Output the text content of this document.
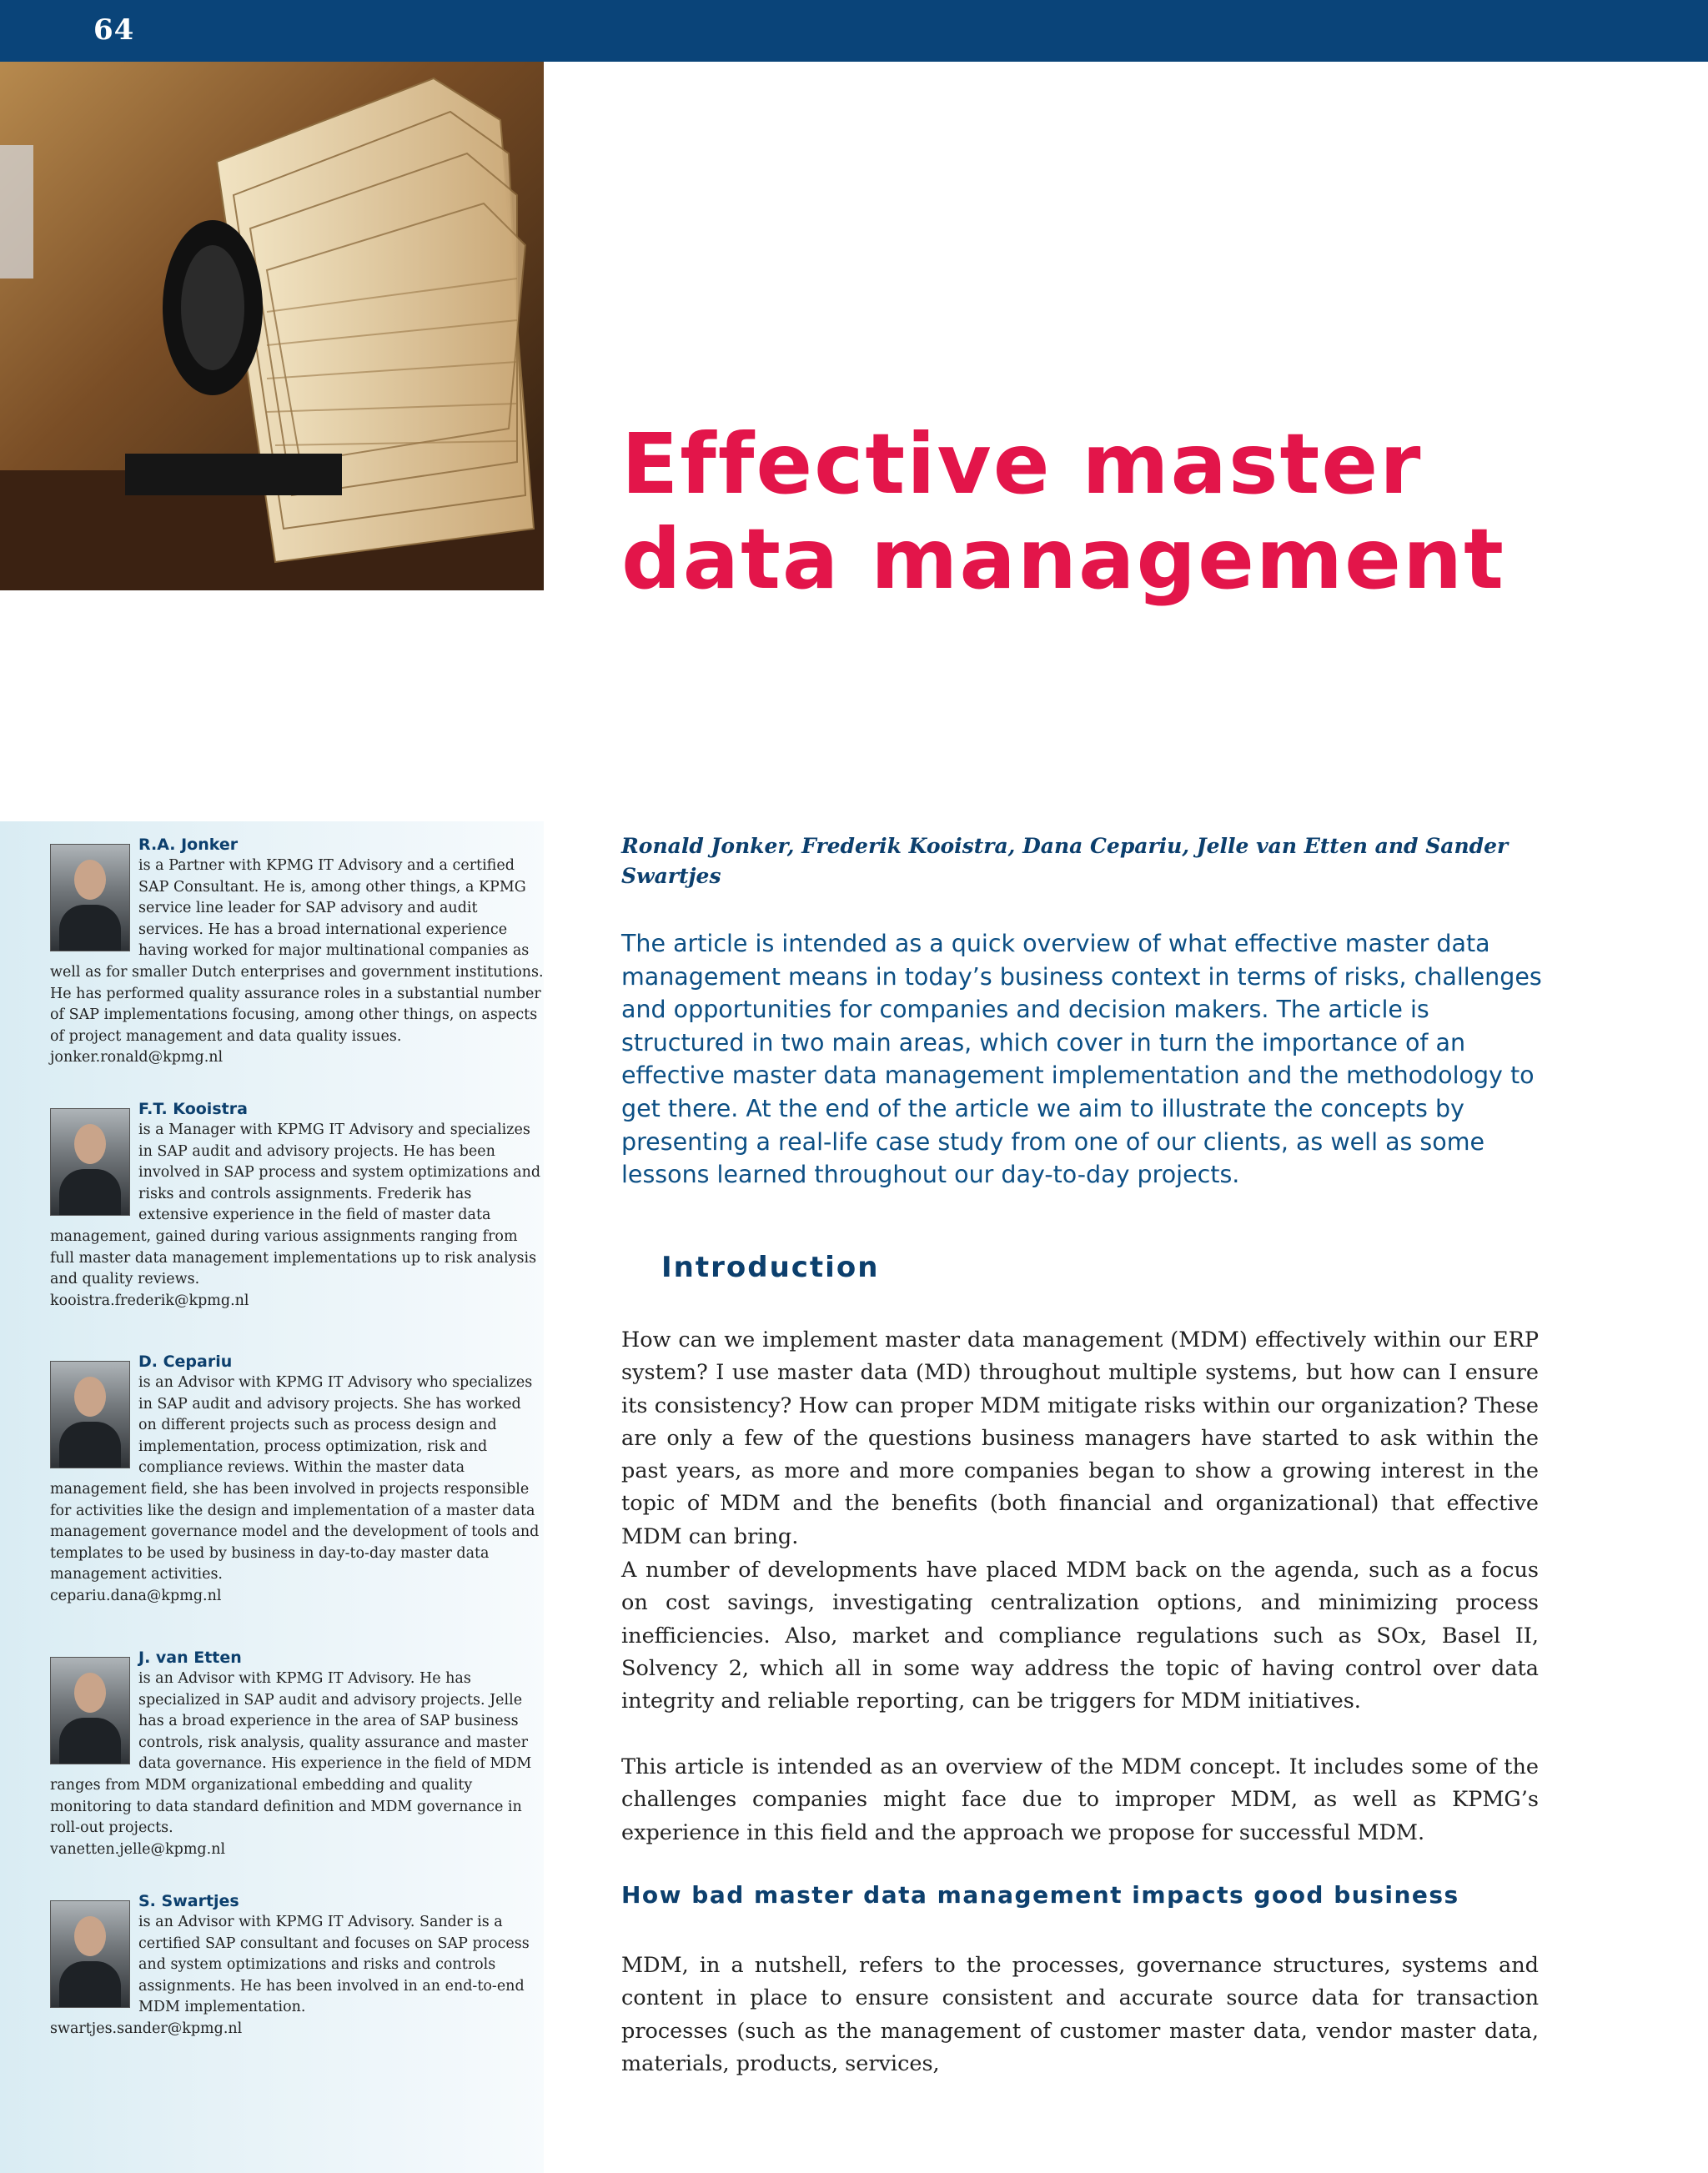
64
Effective master
data management

Ronald Jonker, Frederik Kooistra, Dana Cepariu, Jelle van Etten and Sander Swartjes

The article is intended as a quick overview of what effective master data management means in today’s business context in terms of risks, challenges and opportunities for companies and decision makers. The article is structured in two main areas, which cover in turn the importance of an effective master data management implementation and the methodology to get there. At the end of the article we aim to illustrate the concepts by presenting a real-life case study from one of our clients, as well as some lessons learned throughout our day-to-day projects.

Introduction

How can we implement master data management (MDM) effectively within our ERP system? I use master data (MD) throughout multiple systems, but how can I ensure its consistency? How can proper MDM mitigate risks within our organization? These are only a few of the questions business managers have started to ask within the past years, as more and more companies began to show a growing interest in the topic of MDM and the benefits (both financial and organizational) that effective MDM can bring.

A number of developments have placed MDM back on the agenda, such as a focus on cost savings, investigating centralization options, and minimizing process inefficiencies. Also, market and compliance regulations such as SOx, Basel II, Solvency 2, which all in some way address the topic of having control over data integrity and reliable reporting, can be triggers for MDM initiatives.

This article is intended as an overview of the MDM concept. It includes some of the challenges companies might face due to improper MDM, as well as KPMG’s experience in this field and the approach we propose for successful MDM.

How bad master data management impacts good business

MDM, in a nutshell, refers to the processes, governance structures, systems and content in place to ensure consistent and accurate source data for transaction processes (such as the management of customer master data, vendor master data, materials, products, services,

R.A. Jonker
is a Partner with KPMG IT Advisory and a certified SAP Consultant. He is, among other things, a KPMG service line leader for SAP advisory and audit services. He has a broad international experience having worked for major multinational companies as well as for smaller Dutch enterprises and government institutions. He has performed quality assurance roles in a substantial number of SAP implementations focusing, among other things, on aspects of project management and data quality issues.
jonker.ronald@kpmg.nl
F.T. Kooistra
is a Manager with KPMG IT Advisory and specializes in SAP audit and advisory projects. He has been involved in SAP process and system optimizations and risks and controls assignments. Frederik has extensive experience in the field of master data management, gained during various assignments ranging from full master data management implementations up to risk analysis and quality reviews.
kooistra.frederik@kpmg.nl
D. Cepariu
is an Advisor with KPMG IT Advisory who specializes in SAP audit and advisory projects. She has worked on different projects such as process design and implementation, process optimization, risk and compliance reviews. Within the master data management field, she has been involved in projects responsible for activities like the design and implementation of a master data management governance model and the development of tools and templates to be used by business in day-to-day master data management activities.
cepariu.dana@kpmg.nl
J. van Etten
is an Advisor with KPMG IT Advisory. He has specialized in SAP audit and advisory projects. Jelle has a broad experience in the area of SAP business controls, risk analysis, quality assurance and master data governance. His experience in the field of MDM ranges from MDM organizational embedding and quality monitoring to data standard definition and MDM governance in roll-out projects.
vanetten.jelle@kpmg.nl
S. Swartjes
is an Advisor with KPMG IT Advisory. Sander is a certified SAP consultant and focuses on SAP process and system optimizations and risks and controls assignments. He has been involved in an end-to-end MDM implementation.
swartjes.sander@kpmg.nl
